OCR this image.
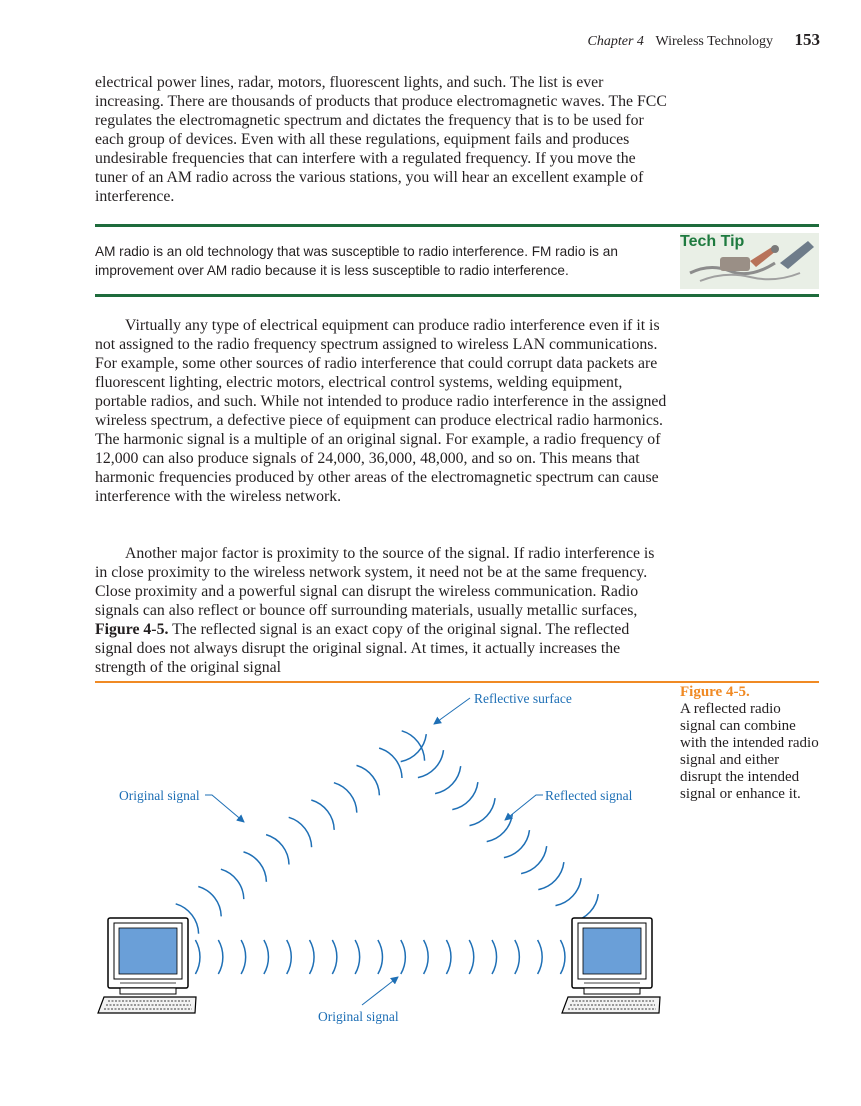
Chapter 4 Wireless Technology 153

electrical power lines, radar, motors, fluorescent lights, and such. The list is ever increasing. There are thousands of products that produce electromagnetic waves. The FCC regulates the electromagnetic spectrum and dictates the frequency that is to be used for each group of devices. Even with all these regulations, equipment fails and produces undesirable frequencies that can interfere with a regulated frequency. If you move the tuner of an AM radio across the various stations, you will hear an excellent example of interference.

AM radio is an old technology that was susceptible to radio interference. FM radio is an improvement over AM radio because it is less susceptible to radio interference.

Tech Tip

Virtually any type of electrical equipment can produce radio interference even if it is not assigned to the radio frequency spectrum assigned to wireless LAN communications. For example, some other sources of radio interference that could corrupt data packets are fluorescent lighting, electric motors, electrical control systems, welding equipment, portable radios, and such. While not intended to produce radio interference in the assigned wireless spectrum, a defective piece of equipment can produce electrical radio harmonics. The harmonic signal is a multiple of an original signal. For example, a radio frequency of 12,000 can also produce signals of 24,000, 36,000, 48,000, and so on. This means that harmonic frequencies produced by other areas of the electromagnetic spectrum can cause interference with the wireless network.

Another major factor is proximity to the source of the signal. If radio interference is in close proximity to the wireless network system, it need not be at the same frequency. Close proximity and a powerful signal can disrupt the wireless communication. Radio signals can also reflect or bounce off surrounding materials, usually metallic surfaces, Figure 4-5. The reflected signal is an exact copy of the original signal. The reflected signal does not always disrupt the original signal. At times, it actually increases the strength of the original signal

Figure 4-5.
A reflected radio signal can combine with the intended radio signal and either disrupt the intended signal or enhance it.
Reflective surface
Original signal	Reflected signal
Original signal
